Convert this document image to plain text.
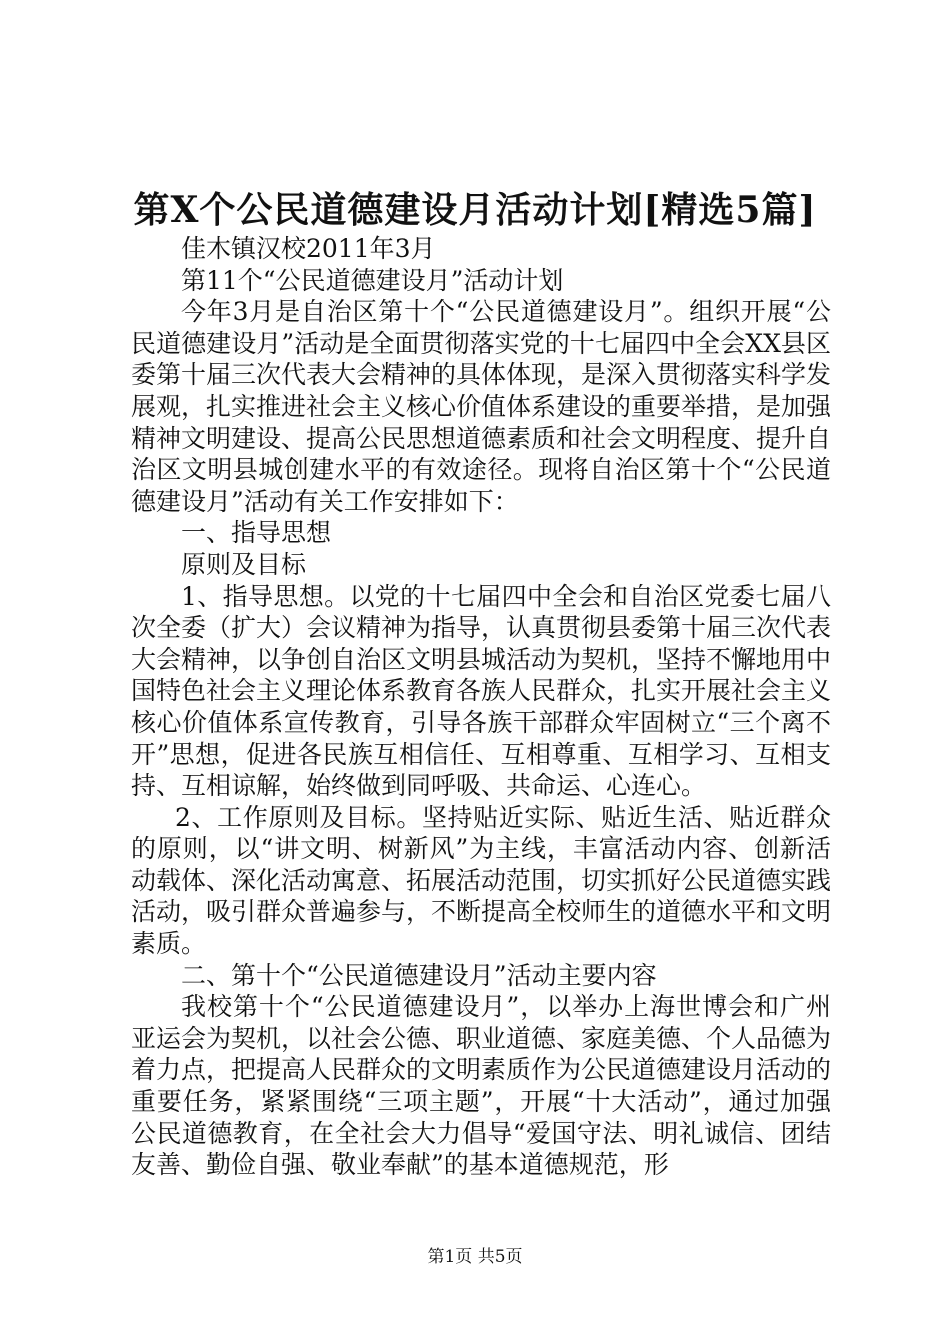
第X个公民道德建设月活动计划[精选5篇]

佳木镇汉校2011年3月

第11个“公民道德建设月”活动计划

今年3月是自治区第十个“公民道德建设月”。组织开展“公民道德建设月”活动是全面贯彻落实党的十七届四中全会XX县区委第十届三次代表大会精神的具体体现，是深入贯彻落实科学发展观，扎实推进社会主义核心价值体系建设的重要举措，是加强精神文明建设、提高公民思想道德素质和社会文明程度、提升自治区文明县城创建水平的有效途径。现将自治区第十个“公民道德建设月”活动有关工作安排如下：

一、指导思想

原则及目标

1、指导思想。以党的十七届四中全会和自治区党委七届八次全委（扩大）会议精神为指导，认真贯彻县委第十届三次代表大会精神，以争创自治区文明县城活动为契机，坚持不懈地用中国特色社会主义理论体系教育各族人民群众，扎实开展社会主义核心价值体系宣传教育，引导各族干部群众牢固树立“三个离不开”思想，促进各民族互相信任、互相尊重、互相学习、互相支持、互相谅解，始终做到同呼吸、共命运、心连心。

2、工作原则及目标。坚持贴近实际、贴近生活、贴近群众的原则，以“讲文明、树新风”为主线，丰富活动内容、创新活动载体、深化活动寓意、拓展活动范围，切实抓好公民道德实践活动，吸引群众普遍参与，不断提高全校师生的道德水平和文明素质。

二、第十个“公民道德建设月”活动主要内容

我校第十个“公民道德建设月”，以举办上海世博会和广州亚运会为契机，以社会公德、职业道德、家庭美德、个人品德为着力点，把提高人民群众的文明素质作为公民道德建设月活动的重要任务，紧紧围绕“三项主题”，开展“十大活动”，通过加强公民道德教育，在全社会大力倡导“爱国守法、明礼诚信、团结友善、勤俭自强、敬业奉献”的基本道德规范，形

第1页 共5页
